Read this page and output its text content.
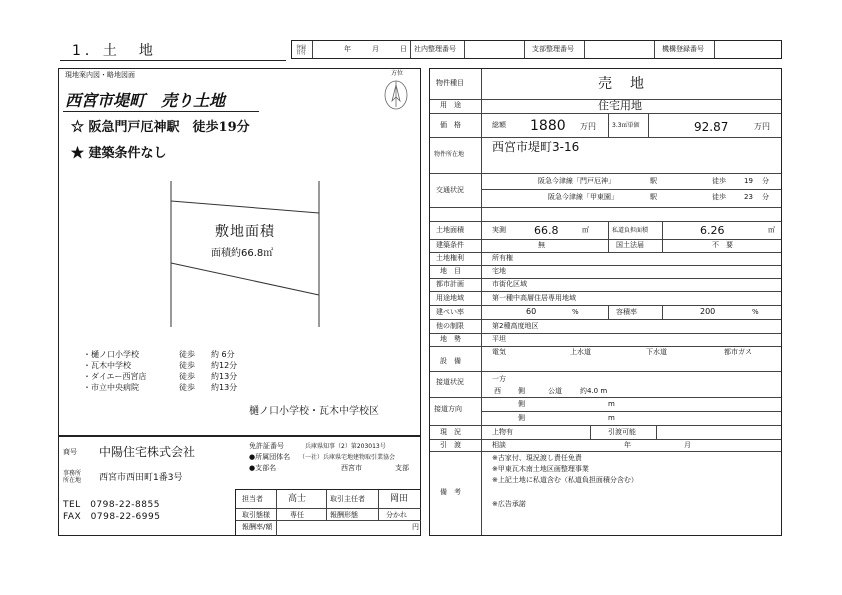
1．土　地	登録日付	年	月	日 社内整理番号	支部整理番号	機構登録番号
現地案内図・略地図面	方位
西宮市堤町　売り土地
☆ 阪急門戸厄神駅　徒歩19分
★ 建築条件なし
敷地面積
面積約66.8㎡
・樋ノ口小学校	徒歩 約 6分
・瓦木中学校	徒歩 約12分
・ダイエー西宮店	徒歩 約13分
・市立中央病院	徒歩 約13分
樋ノ口小学校・瓦木中学校区
商号 中陽住宅株式会社
事務所所在地	西宮市西田町1番3号
TEL　0798-22-8855
FAX　0798-22-6995
免許証番号	兵庫県知事（2）第203013号
●所属団体名 （一社）兵庫県宅地建物取引業協会
●支部名	西宮市	支部
担当者	高士	取引主任者	岡田
取引態様	専任	報酬形態	分かれ
報酬率/額	円
物件種目	売　地
用　途	住宅用地
価　格	総額 1880 万円	3.3㎡単価	92.87	万円
物件所在地
西宮市堤町3-16
交通状況
阪急今津線「門戸厄神」	駅	徒歩	19 分
阪急今津線「甲東園」	駅	徒歩	23 分
土地面積	実測	66.8	㎡	私道負担面積	6.26	㎡
建築条件	無	国土法届	不　要
土地権利	所有権
地　目	宅地
都市計画	市街化区域
用途地域	第一種中高層住居専用地域
建ぺい率	60	%	容積率	200	%
他の制限	第2種高度地区
地　勢	平坦
設　備
電気	上水道	下水道	都市ガス
接道状況	一方
西 側	公道	約4.0 m
接道方向
側	m
側	m
現　況	上物有	引渡可能
引　渡	相談	年	月
備　考
※古家付、現況渡し責任免責
※甲東瓦木南土地区画整理事業
※上記土地に私道含む（私道負担面積分含む）
※広告承諾
